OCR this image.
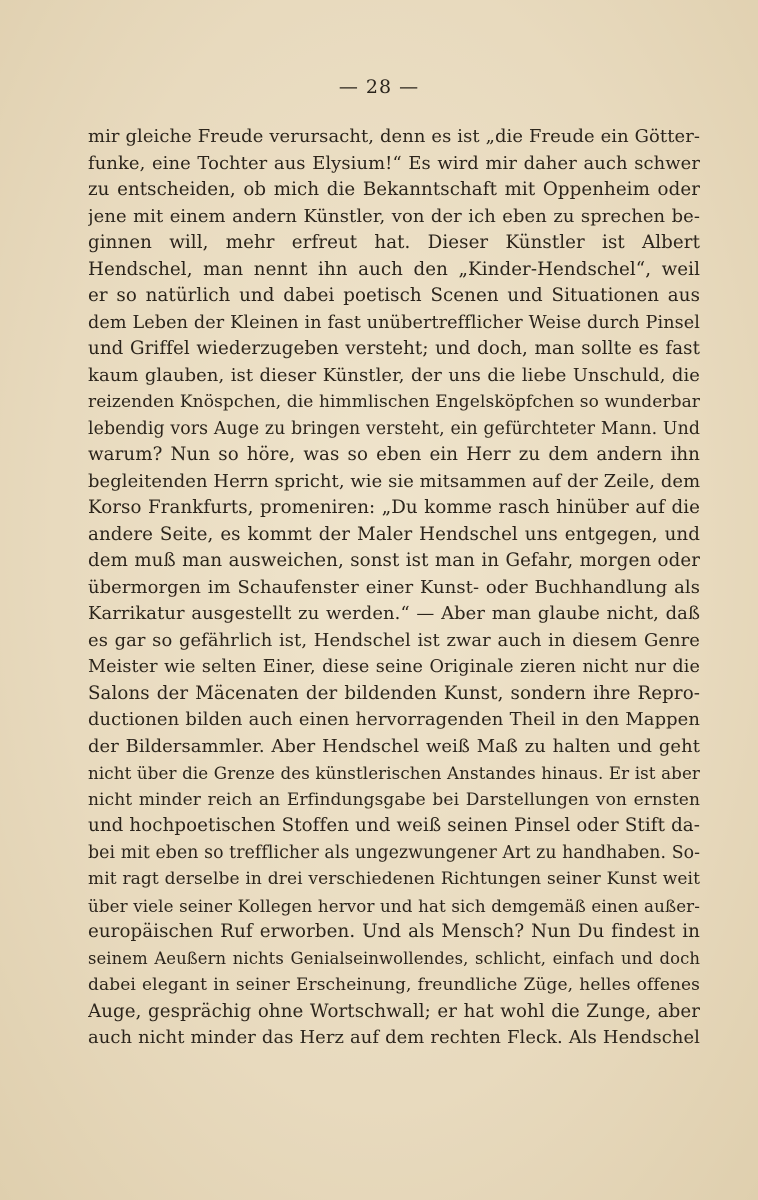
— 28 —
mir gleiche Freude verursacht, denn es ist „die Freude ein Götter-
funke, eine Tochter aus Elysium!“ Es wird mir daher auch schwer
zu entscheiden, ob mich die Bekanntschaft mit Oppenheim oder
jene mit einem andern Künstler, von der ich eben zu sprechen be-
ginnen will, mehr erfreut hat. Dieser Künstler ist Albert
Hendschel, man nennt ihn auch den „Kinder-Hendschel“, weil
er so natürlich und dabei poetisch Scenen und Situationen aus
dem Leben der Kleinen in fast unübertrefflicher Weise durch Pinsel
und Griffel wiederzugeben versteht; und doch, man sollte es fast
kaum glauben, ist dieser Künstler, der uns die liebe Unschuld, die
reizenden Knöspchen, die himmlischen Engelsköpfchen so wunderbar
lebendig vors Auge zu bringen versteht, ein gefürchteter Mann. Und
warum? Nun so höre, was so eben ein Herr zu dem andern ihn
begleitenden Herrn spricht, wie sie mitsammen auf der Zeile, dem
Korso Frankfurts, promeniren: „Du komme rasch hinüber auf die
andere Seite, es kommt der Maler Hendschel uns entgegen, und
dem muß man ausweichen, sonst ist man in Gefahr, morgen oder
übermorgen im Schaufenster einer Kunst- oder Buchhandlung als
Karrikatur ausgestellt zu werden.“ — Aber man glaube nicht, daß
es gar so gefährlich ist, Hendschel ist zwar auch in diesem Genre
Meister wie selten Einer, diese seine Originale zieren nicht nur die
Salons der Mäcenaten der bildenden Kunst, sondern ihre Repro-
ductionen bilden auch einen hervorragenden Theil in den Mappen
der Bildersammler. Aber Hendschel weiß Maß zu halten und geht
nicht über die Grenze des künstlerischen Anstandes hinaus. Er ist aber
nicht minder reich an Erfindungsgabe bei Darstellungen von ernsten
und hochpoetischen Stoffen und weiß seinen Pinsel oder Stift da-
bei mit eben so trefflicher als ungezwungener Art zu handhaben. So-
mit ragt derselbe in drei verschiedenen Richtungen seiner Kunst weit
über viele seiner Kollegen hervor und hat sich demgemäß einen außer-
europäischen Ruf erworben. Und als Mensch? Nun Du findest in
seinem Aeußern nichts Genialseinwollendes, schlicht, einfach und doch
dabei elegant in seiner Erscheinung, freundliche Züge, helles offenes
Auge, gesprächig ohne Wortschwall; er hat wohl die Zunge, aber
auch nicht minder das Herz auf dem rechten Fleck. Als Hendschel
